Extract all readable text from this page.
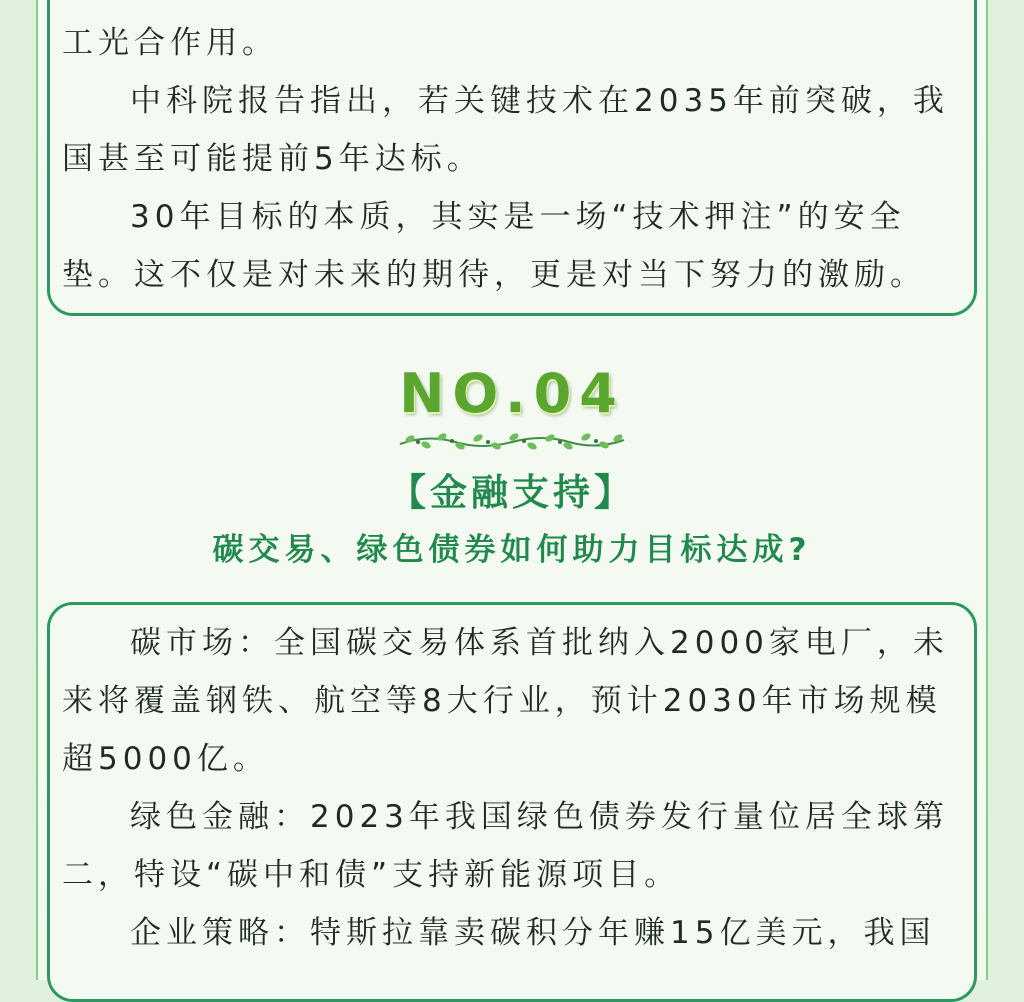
工光合作用。

中科院报告指出，若关键技术在2035年前突破，我国甚至可能提前5年达标。

30年目标的本质，其实是一场“技术押注”的安全垫。这不仅是对未来的期待，更是对当下努力的激励。

NO.04
【金融支持】
碳交易、绿色债券如何助力目标达成?

碳市场：全国碳交易体系首批纳入2000家电厂，未来将覆盖钢铁、航空等8大行业，预计2030年市场规模超5000亿。

绿色金融：2023年我国绿色债券发行量位居全球第二，特设“碳中和债”支持新能源项目。

企业策略：特斯拉靠卖碳积分年赚15亿美元，我国
